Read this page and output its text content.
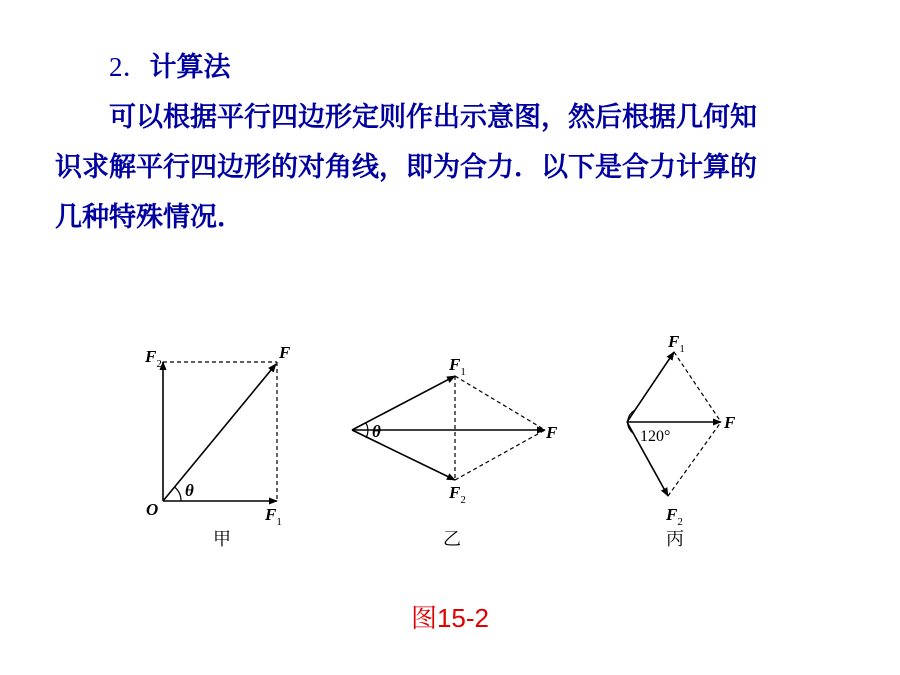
2．计算法

可以根据平行四边形定则作出示意图，然后根据几何知

识求解平行四边形的对角线，即为合力．以下是合力计算的

几种特殊情况．

$F_2$
F
$F_1$
O
θ
甲
$F_1$
$F_2$
F
θ
乙
$F_1$
$F_2$
F
120°
丙
图15-2
